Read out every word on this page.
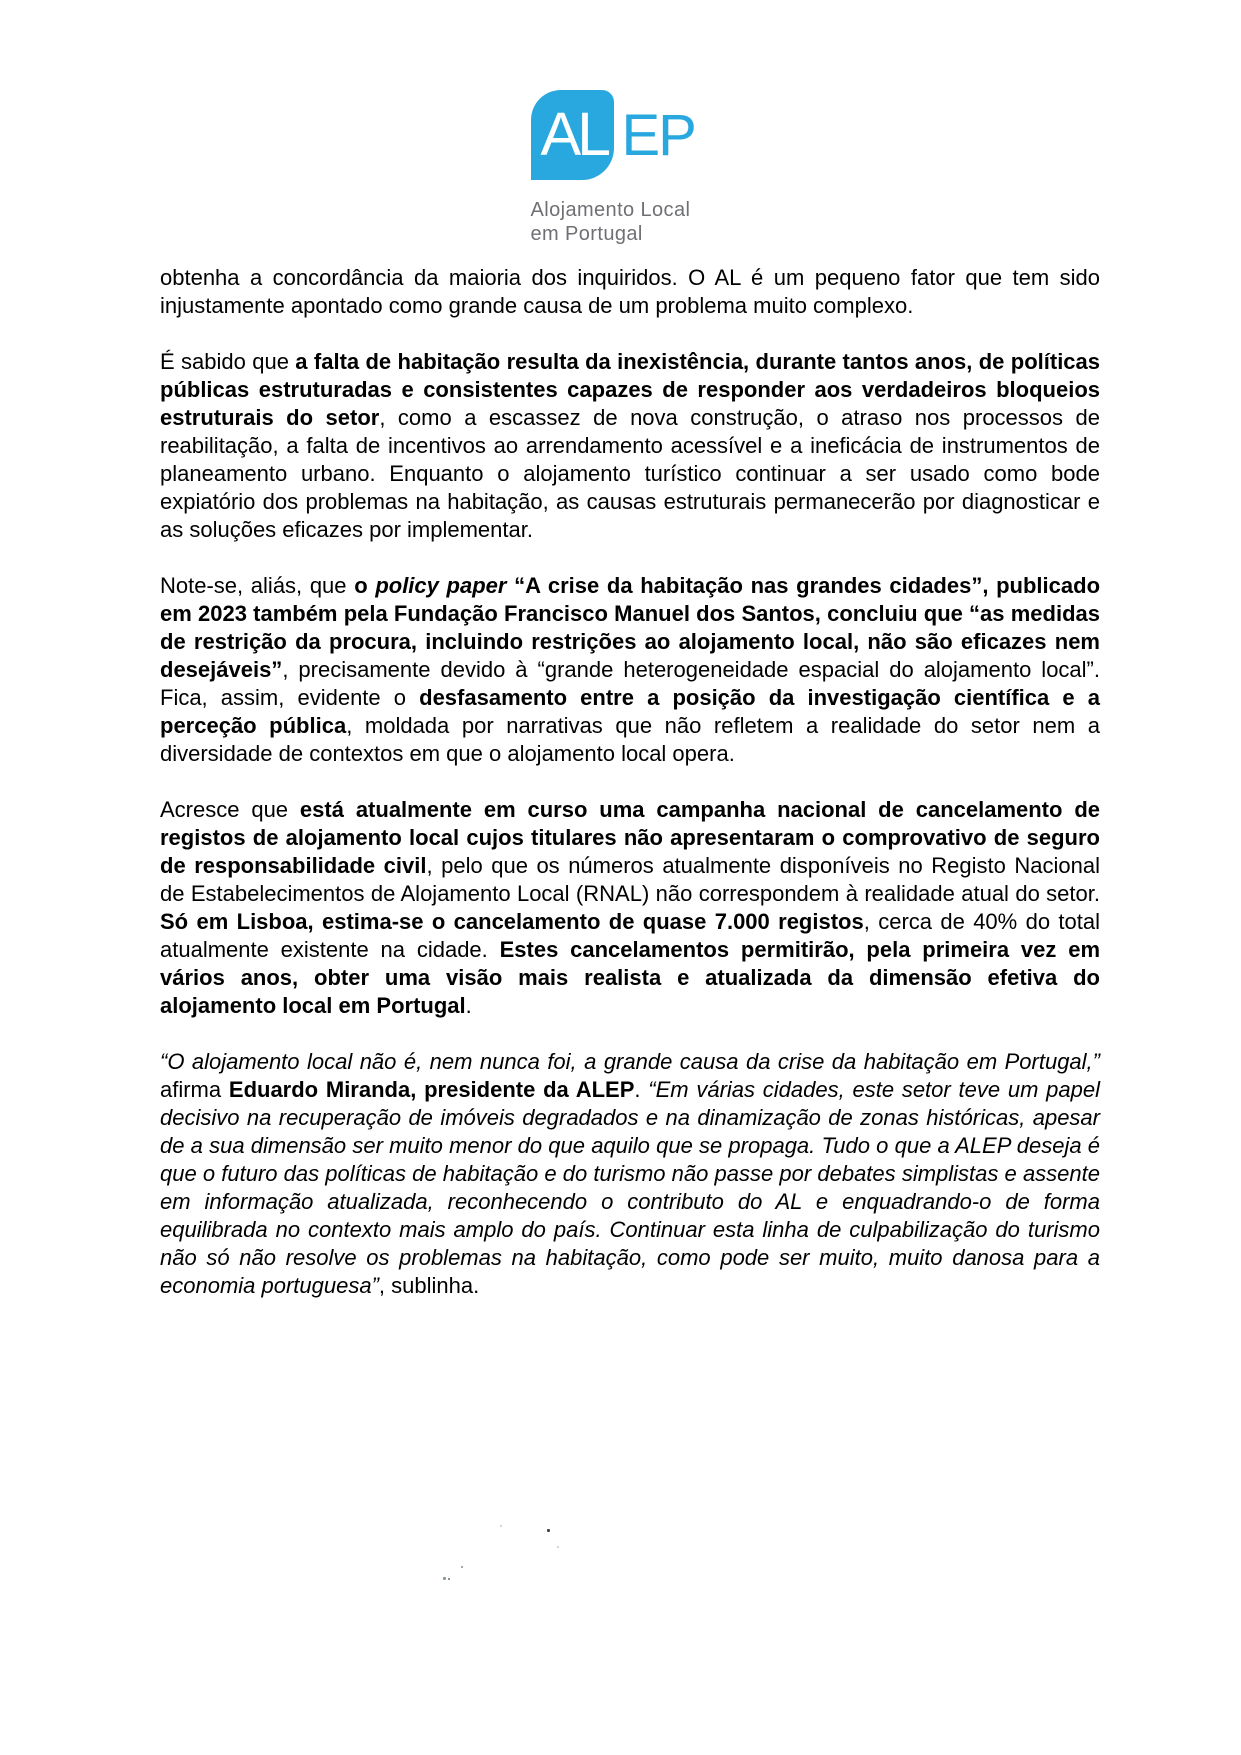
AL EP
Alojamento Local
em Portugal

obtenha a concordância da maioria dos inquiridos. O AL é um pequeno fator que tem sido injustamente apontado como grande causa de um problema muito complexo.

É sabido que a falta de habitação resulta da inexistência, durante tantos anos, de políticas públicas estruturadas e consistentes capazes de responder aos verdadeiros bloqueios estruturais do setor, como a escassez de nova construção, o atraso nos processos de reabilitação, a falta de incentivos ao arrendamento acessível e a ineficácia de instrumentos de planeamento urbano. Enquanto o alojamento turístico continuar a ser usado como bode expiatório dos problemas na habitação, as causas estruturais permanecerão por diagnosticar e as soluções eficazes por implementar.

Note-se, aliás, que o policy paper “A crise da habitação nas grandes cidades”, publicado em 2023 também pela Fundação Francisco Manuel dos Santos, concluiu que “as medidas de restrição da procura, incluindo restrições ao alojamento local, não são eficazes nem desejáveis”, precisamente devido à “grande heterogeneidade espacial do alojamento local”. Fica, assim, evidente o desfasamento entre a posição da investigação científica e a perceção pública, moldada por narrativas que não refletem a realidade do setor nem a diversidade de contextos em que o alojamento local opera.

Acresce que está atualmente em curso uma campanha nacional de cancelamento de registos de alojamento local cujos titulares não apresentaram o comprovativo de seguro de responsabilidade civil, pelo que os números atualmente disponíveis no Registo Nacional de Estabelecimentos de Alojamento Local (RNAL) não correspondem à realidade atual do setor. Só em Lisboa, estima-se o cancelamento de quase 7.000 registos, cerca de 40% do total atualmente existente na cidade. Estes cancelamentos permitirão, pela primeira vez em vários anos, obter uma visão mais realista e atualizada da dimensão efetiva do alojamento local em Portugal.

“O alojamento local não é, nem nunca foi, a grande causa da crise da habitação em Portugal,” afirma Eduardo Miranda, presidente da ALEP. “Em várias cidades, este setor teve um papel decisivo na recuperação de imóveis degradados e na dinamização de zonas históricas, apesar de a sua dimensão ser muito menor do que aquilo que se propaga. Tudo o que a ALEP deseja é que o futuro das políticas de habitação e do turismo não passe por debates simplistas e assente em informação atualizada, reconhecendo o contributo do AL e enquadrando-o de forma equilibrada no contexto mais amplo do país. Continuar esta linha de culpabilização do turismo não só não resolve os problemas na habitação, como pode ser muito, muito danosa para a economia portuguesa”, sublinha.
